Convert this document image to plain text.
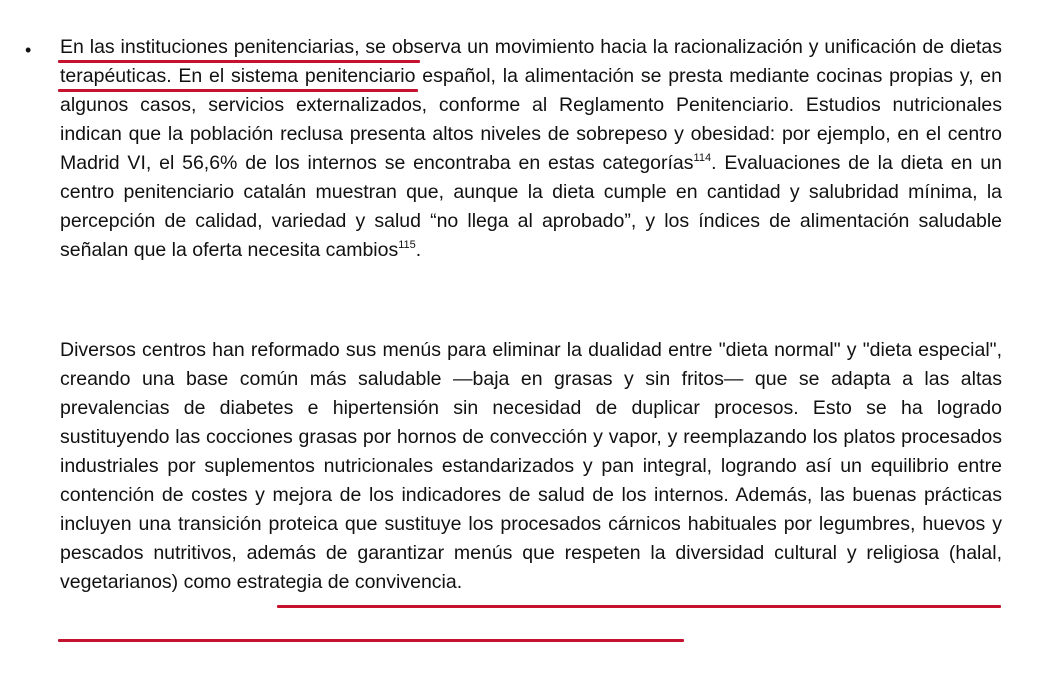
• En las instituciones penitenciarias, se observa un movimiento hacia la racionalización y unificación de dietas terapéuticas. En el sistema penitenciario español, la alimentación se presta mediante cocinas propias y, en algunos casos, servicios externalizados, conforme al Reglamento Penitenciario. Estudios nutricionales indican que la población reclusa presenta altos niveles de sobrepeso y obesidad: por ejemplo, en el centro Madrid VI, el 56,6% de los internos se encontraba en estas categorías$^{114}$. Evaluaciones de la dieta en un centro penitenciario catalán muestran que, aunque la dieta cumple en cantidad y salubridad mínima, la percepción de calidad, variedad y salud “no llega al aprobado”, y los índices de alimentación saludable señalan que la oferta necesita cambios$^{115}$.

Diversos centros han reformado sus menús para eliminar la dualidad entre "dieta normal" y "dieta especial", creando una base común más saludable —baja en grasas y sin fritos— que se adapta a las altas prevalencias de diabetes e hipertensión sin necesidad de duplicar procesos. Esto se ha logrado sustituyendo las cocciones grasas por hornos de convección y vapor, y reemplazando los platos procesados industriales por suplementos nutricionales estandarizados y pan integral, logrando así un equilibrio entre contención de costes y mejora de los indicadores de salud de los internos. Además, las buenas prácticas incluyen una transición proteica que sustituye los procesados cárnicos habituales por legumbres, huevos y pescados nutritivos, además de garantizar menús que respeten la diversidad cultural y religiosa (halal, vegetarianos) como estrategia de convivencia.
